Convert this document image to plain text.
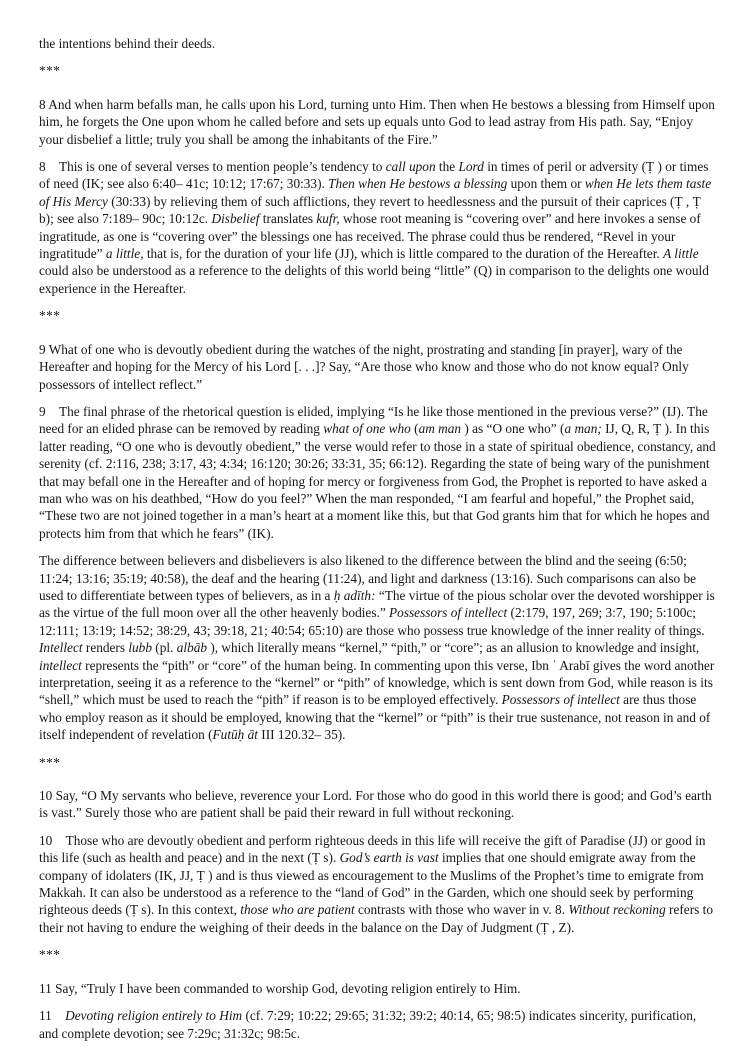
the intentions behind their deeds.

***

8 And when harm befalls man, he calls upon his Lord, turning unto Him. Then when He bestows a blessing from Himself upon him, he forgets the One upon whom he called before and sets up equals unto God to lead astray from His path. Say, “Enjoy your disbelief a little; truly you shall be among the inhabitants of the Fire.”

8 This is one of several verses to mention people’s tendency to call upon the Lord in times of peril or adversity (Ṭ ) or times of need (IK; see also 6:40– 41c; 10:12; 17:67; 30:33). Then when He bestows a blessing upon them or when He lets them taste of His Mercy (30:33) by relieving them of such afflictions, they revert to heedlessness and the pursuit of their caprices (Ṭ , Ṭ b); see also 7:189– 90c; 10:12c. Disbelief translates kufr, whose root meaning is “covering over” and here invokes a sense of ingratitude, as one is “covering over” the blessings one has received. The phrase could thus be rendered, “Revel in your ingratitude” a little, that is, for the duration of your life (JJ), which is little compared to the duration of the Hereafter. A little could also be understood as a reference to the delights of this world being “little” (Q) in comparison to the delights one would experience in the Hereafter.

***

9 What of one who is devoutly obedient during the watches of the night, prostrating and standing [in prayer], wary of the Hereafter and hoping for the Mercy of his Lord [. . .]? Say, “Are those who know and those who do not know equal? Only possessors of intellect reflect.”

9 The final phrase of the rhetorical question is elided, implying “Is he like those mentioned in the previous verse?” (IJ). The need for an elided phrase can be removed by reading what of one who (am man ) as “O one who” (a man; IJ, Q, R, Ṭ ). In this latter reading, “O one who is devoutly obedient,” the verse would refer to those in a state of spiritual obedience, constancy, and serenity (cf. 2:116, 238; 3:17, 43; 4:34; 16:120; 30:26; 33:31, 35; 66:12). Regarding the state of being wary of the punishment that may befall one in the Hereafter and of hoping for mercy or forgiveness from God, the Prophet is reported to have asked a man who was on his deathbed, “How do you feel?” When the man responded, “I am fearful and hopeful,” the Prophet said, “These two are not joined together in a man’s heart at a moment like this, but that God grants him that for which he hopes and protects him from that which he fears” (IK).

The difference between believers and disbelievers is also likened to the difference between the blind and the seeing (6:50; 11:24; 13:16; 35:19; 40:58), the deaf and the hearing (11:24), and light and darkness (13:16). Such comparisons can also be used to differentiate between types of believers, as in a ḥ adīth: “The virtue of the pious scholar over the devoted worshipper is as the virtue of the full moon over all the other heavenly bodies.” Possessors of intellect (2:179, 197, 269; 3:7, 190; 5:100c; 12:111; 13:19; 14:52; 38:29, 43; 39:18, 21; 40:54; 65:10) are those who possess true knowledge of the inner reality of things. Intellect renders lubb (pl. albāb ), which literally means “kernel,” “pith,” or “core”; as an allusion to knowledge and insight, intellect represents the “pith” or “core” of the human being. In commenting upon this verse, Ibn ʿ Arabī gives the word another interpretation, seeing it as a reference to the “kernel” or “pith” of knowledge, which is sent down from God, while reason is its “shell,” which must be used to reach the “pith” if reason is to be employed effectively. Possessors of intellect are thus those who employ reason as it should be employed, knowing that the “kernel” or “pith” is their true sustenance, not reason in and of itself independent of revelation (Futūḥ āt III 120.32– 35).

***

10 Say, “O My servants who believe, reverence your Lord. For those who do good in this world there is good; and God’s earth is vast.” Surely those who are patient shall be paid their reward in full without reckoning.

10 Those who are devoutly obedient and perform righteous deeds in this life will receive the gift of Paradise (JJ) or good in this life (such as health and peace) and in the next (Ṭ s). God’s earth is vast implies that one should emigrate away from the company of idolaters (IK, JJ, Ṭ ) and is thus viewed as encouragement to the Muslims of the Prophet’s time to emigrate from Makkah. It can also be understood as a reference to the “land of God” in the Garden, which one should seek by performing righteous deeds (Ṭ s). In this context, those who are patient contrasts with those who waver in v. 8. Without reckoning refers to their not having to endure the weighing of their deeds in the balance on the Day of Judgment (Ṭ , Z).

***

11 Say, “Truly I have been commanded to worship God, devoting religion entirely to Him.

11 Devoting religion entirely to Him (cf. 7:29; 10:22; 29:65; 31:32; 39:2; 40:14, 65; 98:5) indicates sincerity, purification, and complete devotion; see 7:29c; 31:32c; 98:5c.
